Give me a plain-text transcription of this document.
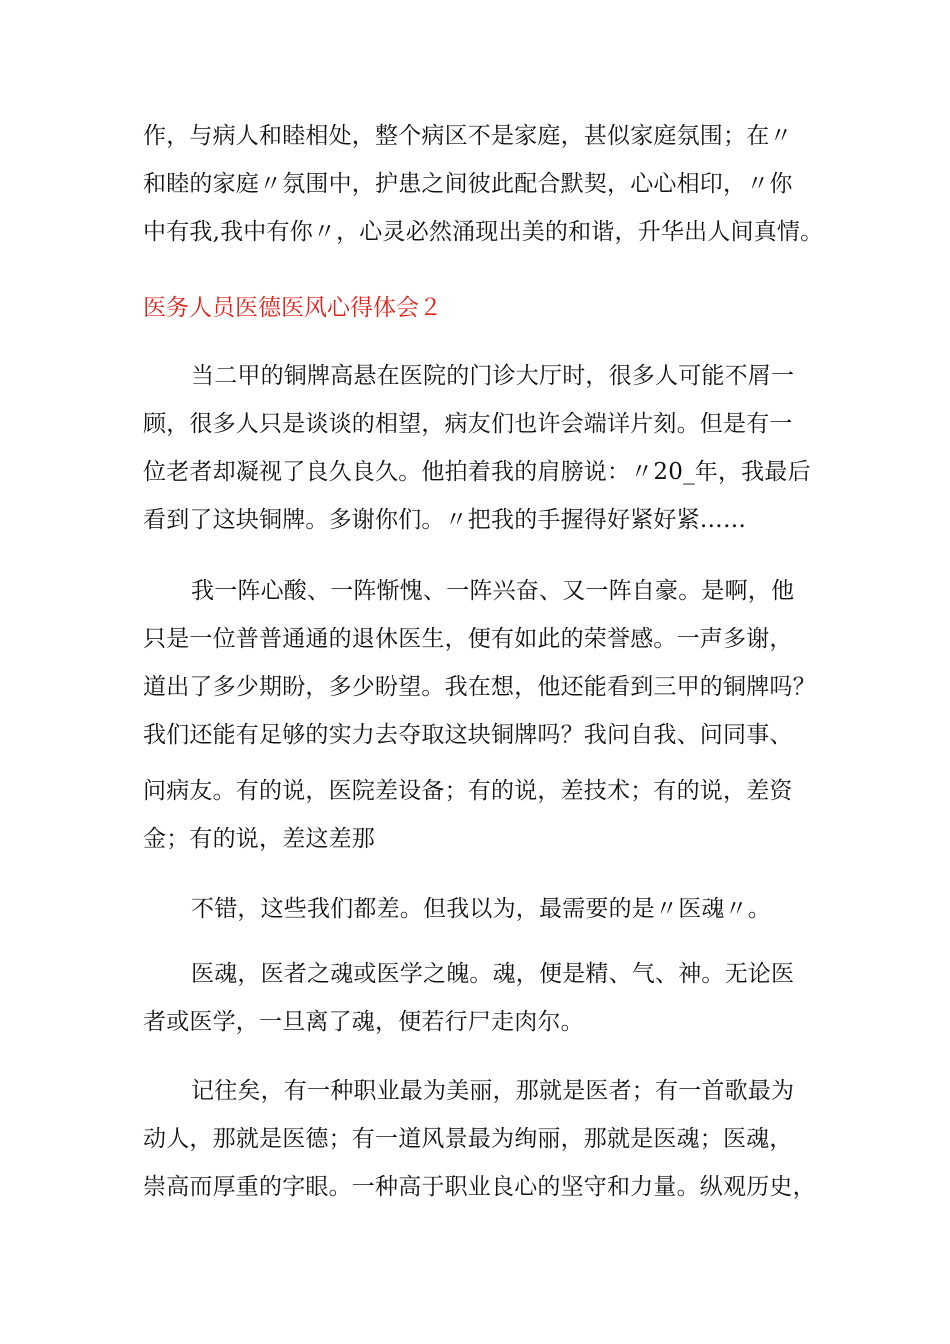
作，与病人和睦相处，整个病区不是家庭，甚似家庭氛围；在〃
和睦的家庭〃氛围中，护患之间彼此配合默契，心心相印，〃你
中有我,我中有你〃，心灵必然涌现出美的和谐，升华出人间真情。
医务人员医德医风心得体会２
当二甲的铜牌高悬在医院的门诊大厅时，很多人可能不屑一
顾，很多人只是谈谈的相望，病友们也许会端详片刻。但是有一
位老者却凝视了良久良久。他拍着我的肩膀说：〃20_年，我最后
看到了这块铜牌。多谢你们。〃把我的手握得好紧好紧……
我一阵心酸、一阵惭愧、一阵兴奋、又一阵自豪。是啊，他
只是一位普普通通的退休医生，便有如此的荣誉感。一声多谢，
道出了多少期盼，多少盼望。我在想，他还能看到三甲的铜牌吗？
我们还能有足够的实力去夺取这块铜牌吗？我问自我、问同事、
问病友。有的说，医院差设备；有的说，差技术；有的说，差资
金；有的说，差这差那
不错，这些我们都差。但我以为，最需要的是〃医魂〃。
医魂，医者之魂或医学之魄。魂，便是精、气、神。无论医
者或医学，一旦离了魂，便若行尸走肉尔。
记往矣，有一种职业最为美丽，那就是医者；有一首歌最为
动人，那就是医德；有一道风景最为绚丽，那就是医魂；医魂，
崇高而厚重的字眼。一种高于职业良心的坚守和力量。纵观历史，
